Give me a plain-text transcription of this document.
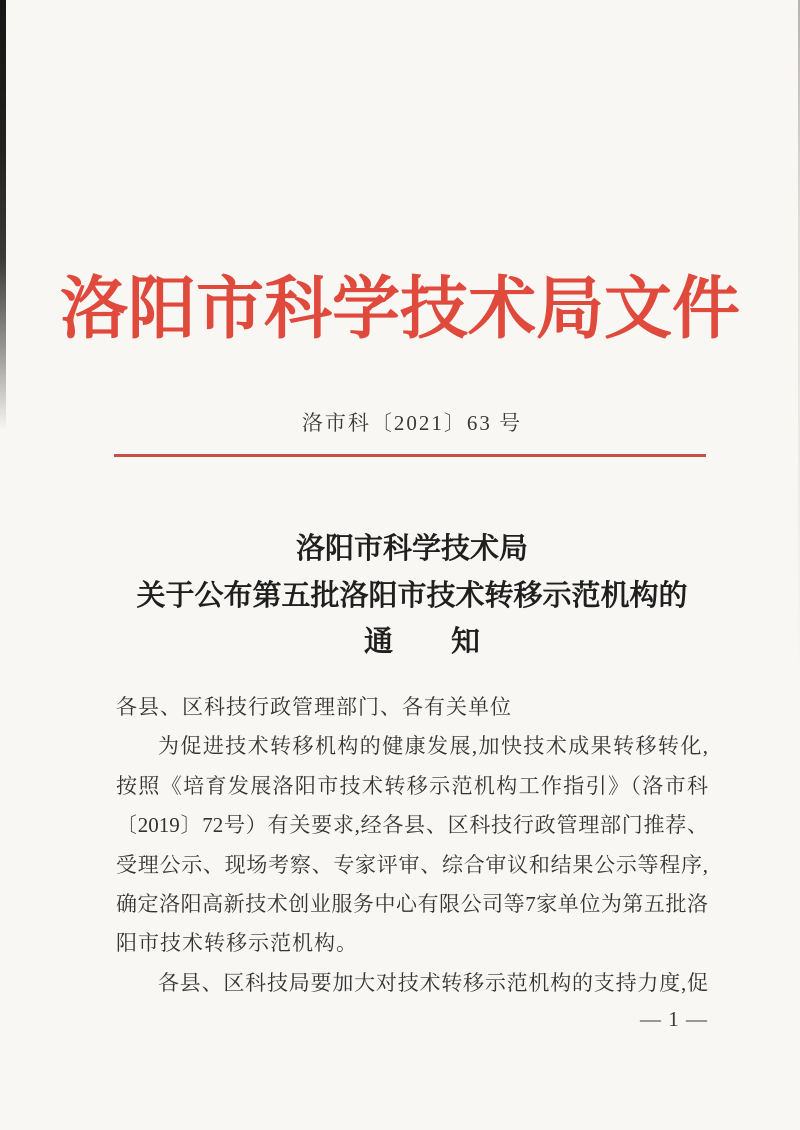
洛阳市科学技术局文件
洛市科〔2021〕63 号
洛阳市科学技术局
关于公布第五批洛阳市技术转移示范机构的
通　　知
各县、区科技行政管理部门、各有关单位
为促进技术转移机构的健康发展,加快技术成果转移转化,
按照《培育发展洛阳市技术转移示范机构工作指引》（洛市科
〔2019〕72号）有关要求,经各县、区科技行政管理部门推荐、
受理公示、现场考察、专家评审、综合审议和结果公示等程序,
确定洛阳高新技术创业服务中心有限公司等7家单位为第五批洛
阳市技术转移示范机构。
各县、区科技局要加大对技术转移示范机构的支持力度,促
— 1 —
